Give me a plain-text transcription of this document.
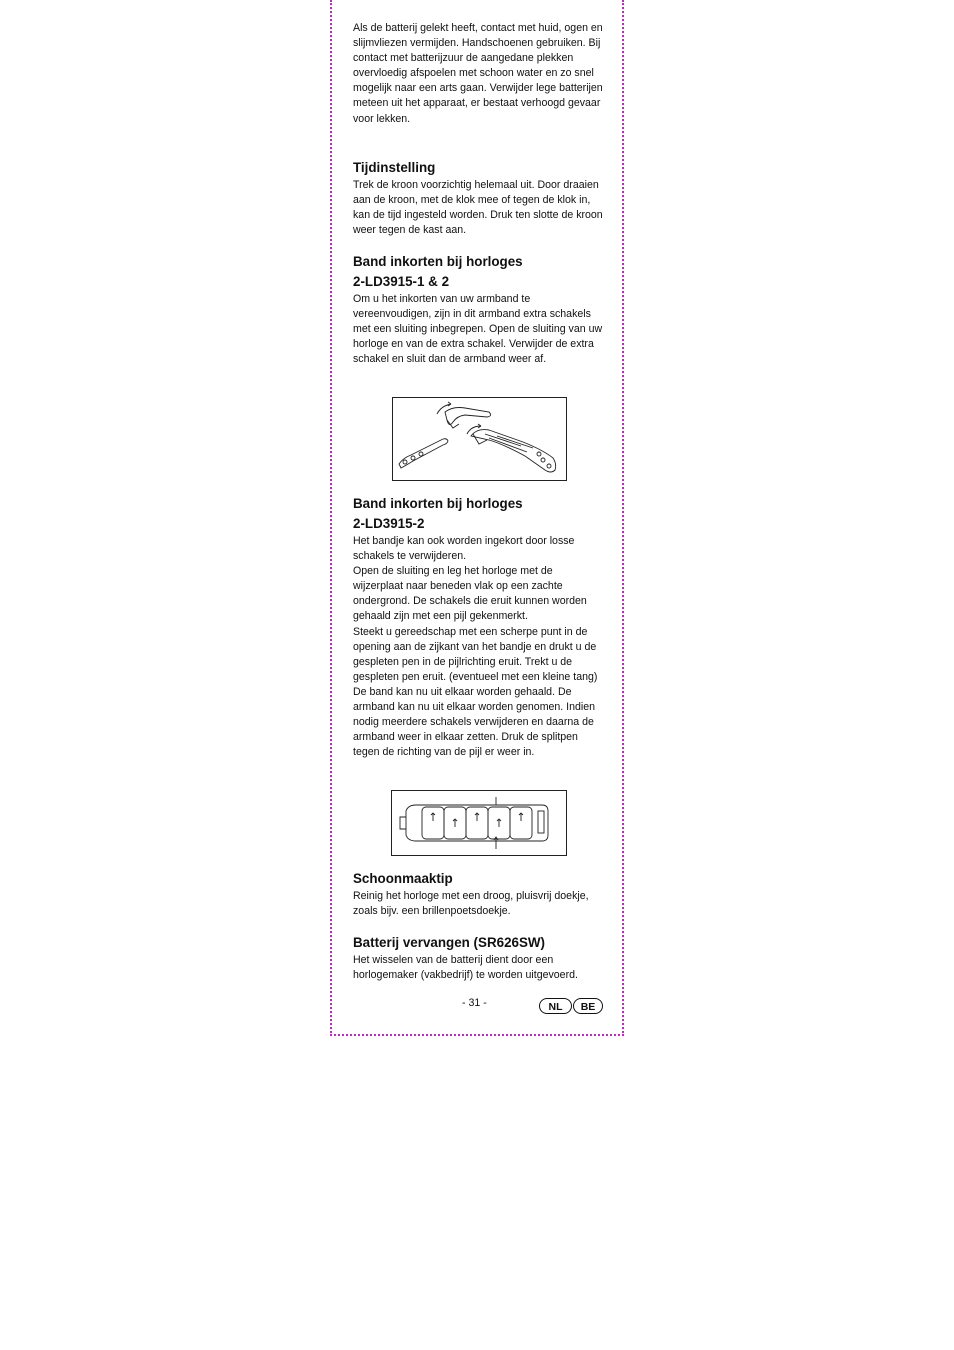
Als de batterij gelekt heeft, contact met huid, ogen en slijmvliezen vermijden. Handschoenen gebruiken. Bij contact met batterijzuur de aangedane plekken overvloedig afspoelen met schoon water en zo snel mogelijk naar een arts gaan. Verwijder lege batterijen meteen uit het apparaat, er bestaat verhoogd gevaar voor lekken.

Tijdinstelling

Trek de kroon voorzichtig helemaal uit. Door draaien aan de kroon, met de klok mee of tegen de klok in, kan de tijd ingesteld worden. Druk ten slotte de kroon weer tegen de kast aan.

Band inkorten bij horloges
2-LD3915-1 & 2

Om u het inkorten van uw armband te vereenvoudigen, zijn in dit armband extra schakels met een sluiting inbegrepen. Open de sluiting van uw horloge en van de extra schakel. Verwijder de extra schakel en sluit dan de armband weer af.

Band inkorten bij horloges
2-LD3915-2

Het bandje kan ook worden ingekort door losse schakels te verwijderen.

Open de sluiting en leg het horloge met de wijzerplaat naar beneden vlak op een zachte ondergrond. De schakels die eruit kunnen worden gehaald zijn met een pijl gekenmerkt.

Steekt u gereedschap met een scherpe punt in de opening aan de zijkant van het bandje en drukt u de gespleten pen in de pijlrichting eruit. Trekt u de gespleten pen eruit. (eventueel met een kleine tang) De band kan nu uit elkaar worden gehaald. De armband kan nu uit elkaar worden genomen. Indien nodig meerdere schakels verwijderen en daarna de armband weer in elkaar zetten. Druk de splitpen tegen de richting van de pijl er weer in.

Schoonmaaktip

Reinig het horloge met een droog, pluisvrij doekje, zoals bijv. een brillenpoetsdoekje.

Batterij vervangen (SR626SW)

Het wisselen van de batterij dient door een horlogemaker (vakbedrijf) te worden uitgevoerd.

- 31 -	NL	BE
